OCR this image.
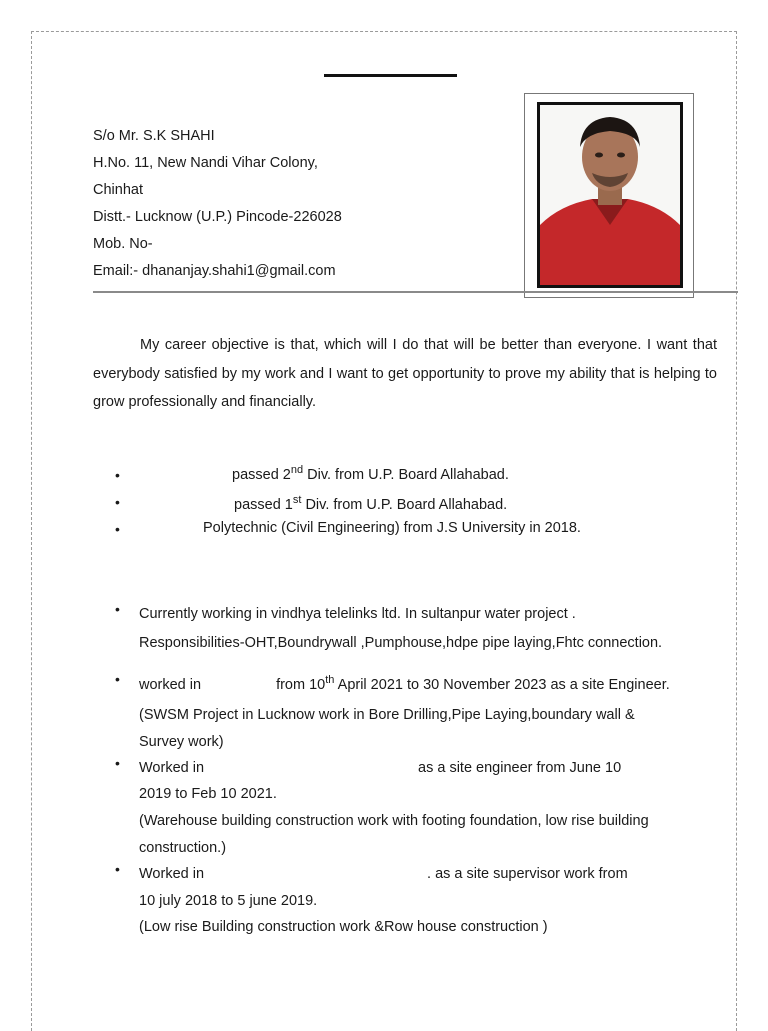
S/o Mr. S.K SHAHI
H.No. 11, New Nandi Vihar Colony,
Chinhat
Distt.- Lucknow (U.P.) Pincode-226028
Mob. No-
Email:- dhananjay.shahi1@gmail.com
My career objective is that, which will I do that will be better than everyone. I want that everybody satisfied by my work and I want to get opportunity to prove my ability that is helping to grow professionally and financially.
•	passed 2nd Div. from U.P. Board Allahabad.
•	passed 1st Div. from U.P. Board Allahabad.
•	Polytechnic (Civil Engineering) from J.S University in 2018.
• Currently working in vindhya telelinks ltd. In sultanpur water project .
Responsibilities-OHT,Boundrywall ,Pumphouse,hdpe pipe laying,Fhtc connection.
• worked in	from 10th April 2021 to 30 November 2023 as a site Engineer.
(SWSM Project in Lucknow work in Bore Drilling,Pipe Laying,boundary wall &
Survey work)
• Worked in	as a site engineer from June 10
2019 to Feb 10 2021.
(Warehouse building construction work with footing foundation, low rise building
construction.)
• Worked in	. as a site supervisor work from
10 july 2018 to 5 june 2019.
(Low rise Building construction work &Row house construction )
